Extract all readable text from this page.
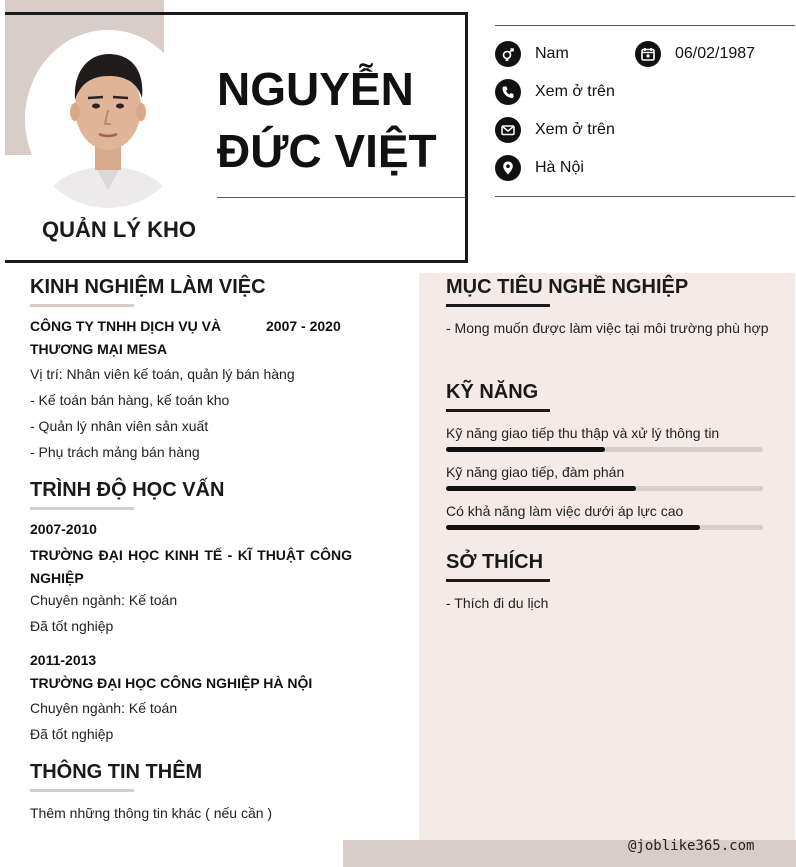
NGUYỄN
ĐỨC VIỆT
QUẢN LÝ KHO
Nam	06/02/1987
Xem ở trên
Xem ở trên
Hà Nội
KINH NGHIỆM LÀM VIỆC
CÔNG TY TNHH DỊCH VỤ VÀ
THƯƠNG MẠI MESA
2007 - 2020
Vị trí: Nhân viên kế toán, quản lý bán hàng
- Kế toán bán hàng, kế toán kho
- Quản lý nhân viên sản xuất
- Phụ trách mảng bán hàng
TRÌNH ĐỘ HỌC VẤN
2007-2010
TRƯỜNG ĐẠI HỌC KINH TẾ - KĨ THUẬT CÔNG NGHIỆP
Chuyên ngành: Kế toán
Đã tốt nghiệp
2011-2013
TRƯỜNG ĐẠI HỌC CÔNG NGHIỆP HÀ NỘI
Chuyên ngành: Kế toán
Đã tốt nghiệp
THÔNG TIN THÊM
Thêm những thông tin khác ( nếu cần )
MỤC TIÊU NGHỀ NGHIỆP
- Mong muốn được làm việc tại môi trường phù hợp
KỸ NĂNG
Kỹ năng giao tiếp thu thập và xử lý thông tin
Kỹ năng giao tiếp, đàm phán
Có khả năng làm việc dưới áp lực cao
SỞ THÍCH
- Thích đi du lịch
@joblike365.com
